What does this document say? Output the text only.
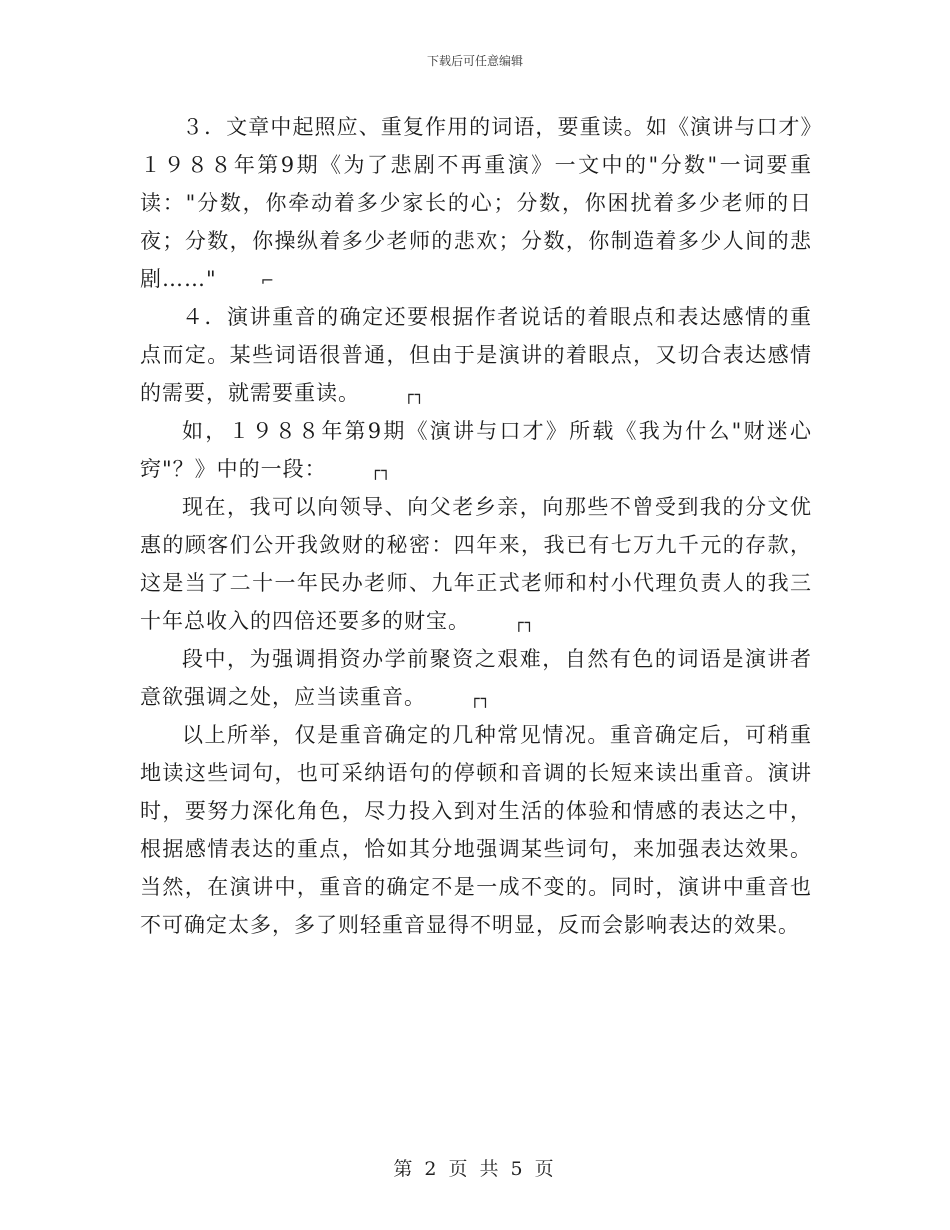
下载后可任意编辑

３．文章中起照应、重复作用的词语，要重读。如《演讲与口才》１９８８年第9期《为了悲剧不再重演》一文中的"分数"一词要重读："分数，你牵动着多少家长的心；分数，你困扰着多少老师的日夜；分数，你操纵着多少老师的悲欢；分数，你制造着多少人间的悲剧……"	⌐

４．演讲重音的确定还要根据作者说话的着眼点和表达感情的重点而定。某些词语很普通，但由于是演讲的着眼点，又切合表达感情的需要，就需要重读。	┌┐

如，１９８８年第9期《演讲与口才》所载《我为什么"财迷心窍"？》中的一段：	┌┐

现在，我可以向领导、向父老乡亲，向那些不曾受到我的分文优惠的顾客们公开我敛财的秘密：四年来，我已有七万九千元的存款，这是当了二十一年民办老师、九年正式老师和村小代理负责人的我三十年总收入的四倍还要多的财宝。	┌┐

段中，为强调捐资办学前聚资之艰难，自然有色的词语是演讲者意欲强调之处，应当读重音。	┌┐

以上所举，仅是重音确定的几种常见情况。重音确定后，可稍重地读这些词句，也可采纳语句的停顿和音调的长短来读出重音。演讲时，要努力深化角色，尽力投入到对生活的体验和情感的表达之中，根据感情表达的重点，恰如其分地强调某些词句，来加强表达效果。当然，在演讲中，重音的确定不是一成不变的。同时，演讲中重音也不可确定太多，多了则轻重音显得不明显，反而会影响表达的效果。

第 2 页 共 5 页
